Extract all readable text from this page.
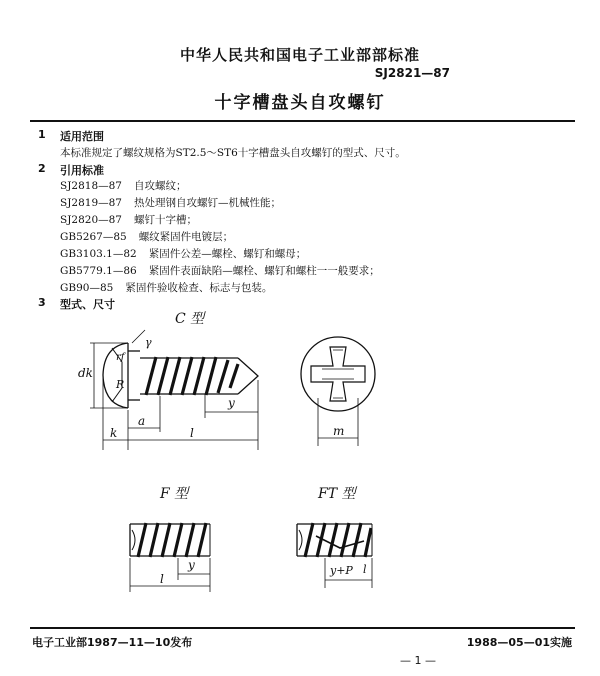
中华人民共和国电子工业部部标准
SJ2821—87
十字槽盘头自攻螺钉
1 适用范围
本标准规定了螺纹规格为ST2.5～ST6十字槽盘头自攻螺钉的型式、尺寸。
2 引用标准
SJ2818—87 自攻螺纹；
SJ2819—87 热处理钢自攻螺钉—机械性能；
SJ2820—87 螺钉十字槽；
GB5267—85 螺纹紧固件电镀层；
GB3103.1—82 紧固件公差—螺栓、螺钉和螺母；
GB5779.1—86 紧固件表面缺陷—螺栓、螺钉和螺柱一一般要求；
GB90—85 紧固件验收检查、标志与包装。
3 型式、尺寸
C 型
F 型	FT 型
dk
rf
γ
R
a
y
k	l	m
y
l
y+P l
电子工业部1987—11—10发布	1988—05—01实施
— 1 —
